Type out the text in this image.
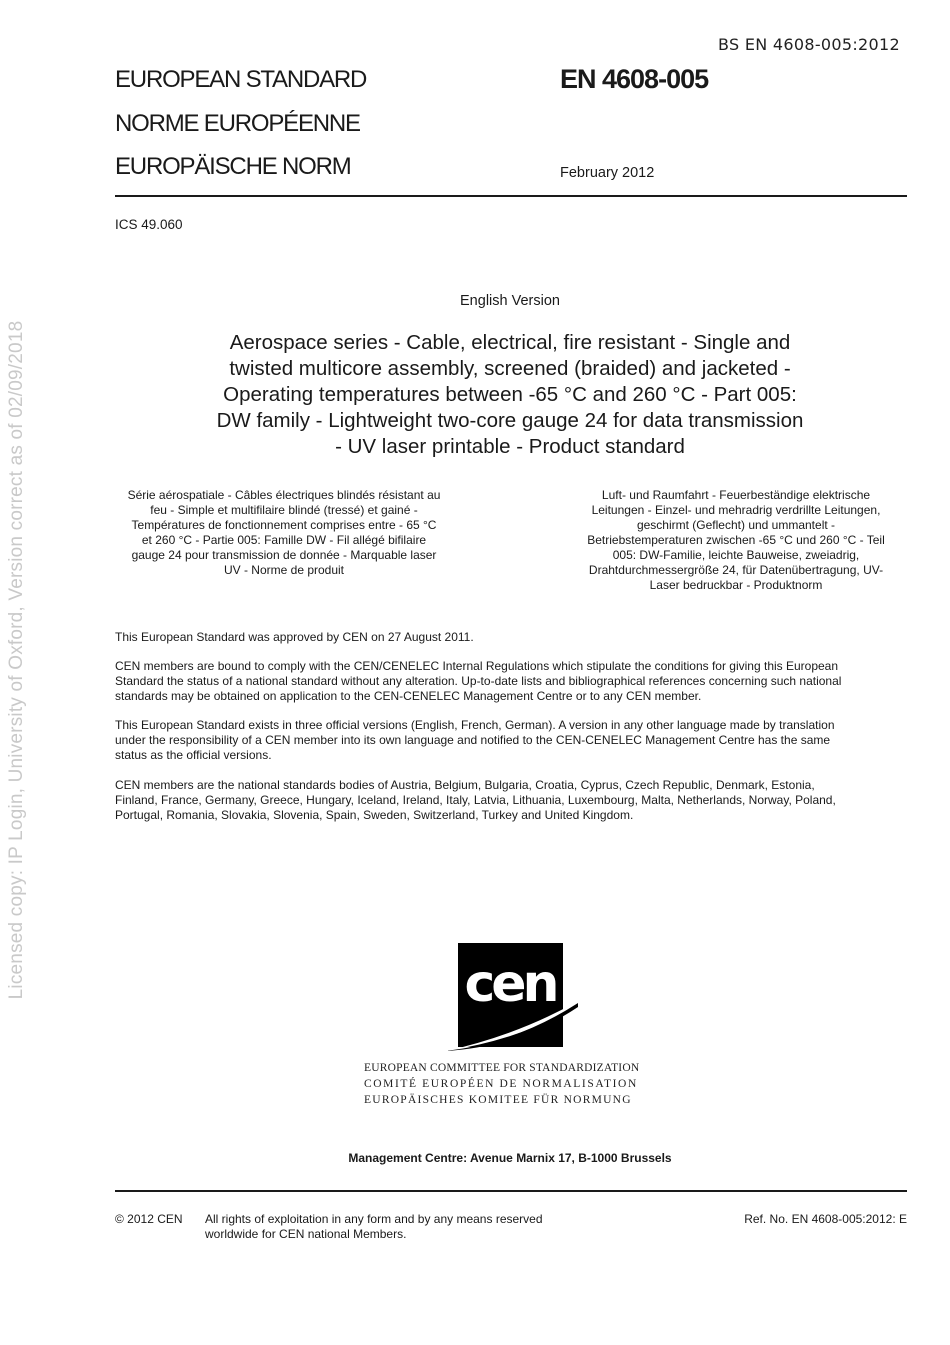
BS EN 4608-005:2012
EUROPEAN STANDARD
NORME EUROPÉENNE
EUROPÄISCHE NORM
EN 4608-005
February 2012
ICS 49.060
English Version
Aerospace series - Cable, electrical, fire resistant - Single and
twisted multicore assembly, screened (braided) and jacketed -
Operating temperatures between -65 °C and 260 °C - Part 005:
DW family - Lightweight two-core gauge 24 for data transmission
- UV laser printable - Product standard
Série aérospatiale - Câbles électriques blindés résistant au
feu - Simple et multifilaire blindé (tressé) et gainé -
Températures de fonctionnement comprises entre - 65 °C
et 260 °C - Partie 005: Famille DW - Fil allégé bifilaire
gauge 24 pour transmission de donnée - Marquable laser
UV - Norme de produit
Luft- und Raumfahrt - Feuerbeständige elektrische
Leitungen - Einzel- und mehradrig verdrillte Leitungen,
geschirmt (Geflecht) und ummantelt -
Betriebstemperaturen zwischen -65 °C und 260 °C - Teil
005: DW-Familie, leichte Bauweise, zweiadrig,
Drahtdurchmessergröße 24, für Datenübertragung, UV-
Laser bedruckbar - Produktnorm
This European Standard was approved by CEN on 27 August 2011.
CEN members are bound to comply with the CEN/CENELEC Internal Regulations which stipulate the conditions for giving this European
Standard the status of a national standard without any alteration. Up-to-date lists and bibliographical references concerning such national
standards may be obtained on application to the CEN-CENELEC Management Centre or to any CEN member.
This European Standard exists in three official versions (English, French, German). A version in any other language made by translation
under the responsibility of a CEN member into its own language and notified to the CEN-CENELEC Management Centre has the same
status as the official versions.
CEN members are the national standards bodies of Austria, Belgium, Bulgaria, Croatia, Cyprus, Czech Republic, Denmark, Estonia,
Finland, France, Germany, Greece, Hungary, Iceland, Ireland, Italy, Latvia, Lithuania, Luxembourg, Malta, Netherlands, Norway, Poland,
Portugal, Romania, Slovakia, Slovenia, Spain, Sweden, Switzerland, Turkey and United Kingdom.
cen
EUROPEAN COMMITTEE FOR STANDARDIZATION
COMITÉ EUROPÉEN DE NORMALISATION
EUROPÄISCHES KOMITEE FÜR NORMUNG
Management Centre: Avenue Marnix 17, B-1000 Brussels
© 2012 CEN All rights of exploitation in any form and by any means reserved
worldwide for CEN national Members.
Ref. No. EN 4608-005:2012: E
Licensed copy: IP Login, University of Oxford, Version correct as of 02/09/2018
